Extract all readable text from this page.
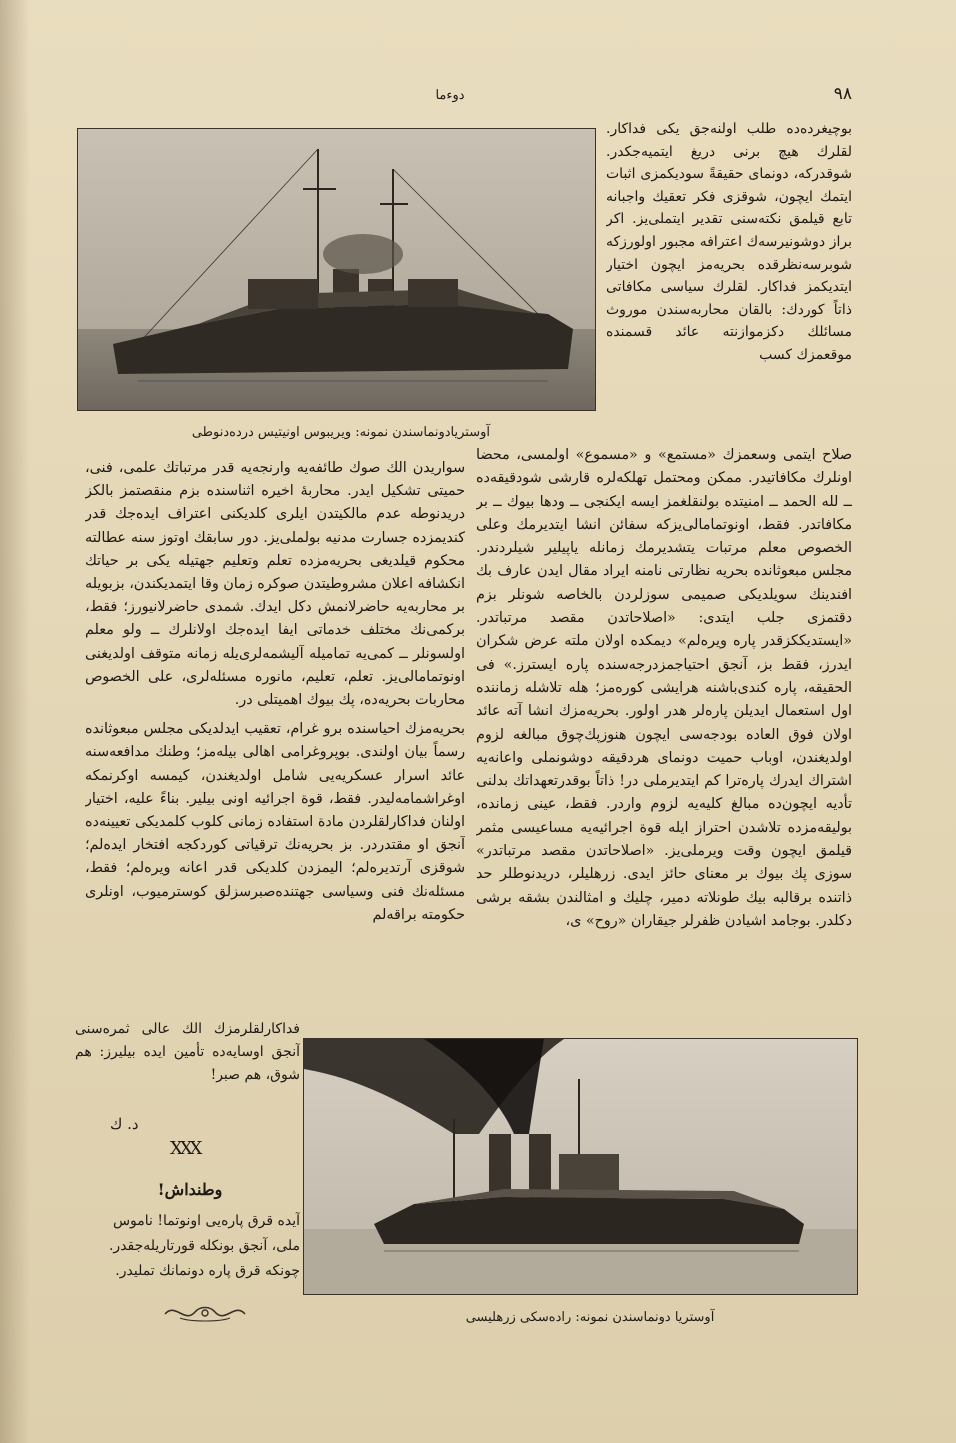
٩٨
دوءما

بوچیغردەدە طلب اولنەجق یکی فداکار. لقلرك هیچ برنی دریغ ایتمیەجکدر. شوقدرکە، دونمای حقیقةً سودیکمزی اثبات ایتمك ایچون، شوقزی فکر تعقیك واجبانه تابع قیلمق نکتەسنی تقدیر ایتملی‌یز. اکر براز دوشونیرسەك اعترافه مجبور اولورزکه شوبرسەنظرقدە بحریەمز ایچون اختیار ایتدیکمز فداکار. لقلرك سیاسی مکافاتی ذاتاً کوردك: بالقان محاربەسندن موروث مسائلك دکزموازنته عائد قسمنده موقعمزك کسب

آوستریادونماسندن نمونە: ویریبوس اونیتیس دردەدنوطی

صلاح ایتمی وسعمزك «مستمع» و «مسموع» اولمسی، محضا اونلرك مکافاتیدر. ممکن ومحتمل تهلکەلرە قارشی شودقیقەدە ــ لله الحمد ــ امنیتدە بولنقلغمز ایسە ایکنجی ــ ودها بیوك ــ بر مکافاتدر. فقط، اونوتمامالی‌یزکه سفائن انشا ایتدیرمك وعلی الخصوص معلم مرتبات یتشدیرمك زمانلە یاپیلیر شیلردندر. مجلس مبعوثاندە بحریە نظارتی نامنه ایراد مقال ایدن عارف بك افندینك سویلدیکی صمیمی سوزلردن بالخاصە شونلر بزم دقتمزی جلب ایتدی: «اصلاحاتدن مقصد مرتباتدر. «ایستدیککزقدر پارە ویرەلم» دیمکدە اولان ملتە عرض شکران ایدرز، فقط بز، آنجق احتیاجمزدرجەسندە پارە ایسترز.» فی الحقیقە، پارە کندی‌باشنه هرایشی کورەمز؛ هله تلاشله زماننده اول استعمال ایدیلن پارەلر هدر اولور. بحریەمزك انشا آته عائد اولان فوق العادە بودجەسی ایچون هنوزپك‌چوق مبالغە لزوم اولدیغندن، اوباب حمیت دونمای هردقیقە دوشونملی واعانەیه اشتراك ایدرك پارەترا کم ایتدیرملی در! ذاتاً بوقدرتعهداتك بدلنی تأدیە ایچون‌دە مبالغ کلیەیه لزوم واردر. فقط، عینی زمانده، بولیقەمزدە تلاشدن احتراز ایلە قوة اجرائیەیە مساعیسی مثمر قیلمق ایچون وقت ویرملی‌یز. «اصلاحاتدن مقصد مرتباتدر» سوزی پك بیوك بر معنای حائز ایدی. زرهلیلر، دریدنوطلر حد ذاتنده برقالبه بیك طونلاته دمیر، چلیك و امثالندن بشقە برشی دکلدر. بوجامد اشیادن ظفرلر جیقاران «روح» ی،

سواریدن الك صوك طائفەیه وارنجەیه قدر مرتباتك علمی، فنی، حمیتی تشکیل ایدر. محاربۀ اخیرە اثناسنده بزم منقصتمز بالکز دریدنوطه عدم مالکیتدن ایلری کلدیکنی اعتراف ایدەجك قدر کندیمزدە جسارت مدنیە بولملی‌یز. دور سابقك اوتوز سنه عطالته محکوم قیلدیغی بحریەمزدە تعلم وتعلیم جهتیله یکی بر حیاتك انکشافه اعلان مشروطیتدن صوکرە زمان وقا ایتمدیکندن، بزبویله بر محاربەیه حاضرلانمش دکل ایدك. شمدی حاضرلانیورز؛ فقط، برکمی‌نك مختلف خدماتی ایفا ایدەجك اولانلرك ــ ولو معلم اولسونلر ــ کمی‌یه تمامیله آلیشمەلری‌یله زمانه متوقف اولدیغنی اونوتمامالی‌یز. تعلم، تعلیم، مانورە مسئلەلری، علی الخصوص محاربات بحریەدە، پك بیوك اهمیتلی در.

بحریەمزك احیاسندە برو غرام، تعقیب ایدلدیکی مجلس مبعوثاندە رسماً بیان اولندی. بوپروغرامی اهالی بیلەمز؛ وطنك مدافعەسنه عائد اسرار عسکریەیی شامل اولدیغندن، کیمسە اوکرنمکه اوغراشمامەلیدر. فقط، قوة اجرائیە اونی بیلیر. بناءً علیه، اختیار اولنان فداکارلقلردن مادة استفادە زمانی کلوب کلمدیکی تعیینەدە آنجق او مقتدردر. بز بحریەنك ترقیاتی کوردکجه افتخار ایدەلم؛ شوقزی آرتدیرەلم؛ الیمزدن کلدیکی قدر اعانە ویرەلم؛ فقط، مسئلەنك فنی وسیاسی جهتندەصبرسزلق کوسترمیوب، اونلری حکومته براقەلم

فداکارلقلرمزك الك عالی ثمرەسنی آنجق اوسایەدە تأمین ایدە بیلیرز: هم شوق، هم صبر!

د. ك
XXX
وطنداش!
آیدە قرق پارەیی اونوتما! ناموس
ملی، آنجق بونکلە قورتاریلەجقدر.
چونکە قرق پارە دونمانك تملیدر.
آوستریا دونماسندن نمونە: رادەسکی زرهلیسی
